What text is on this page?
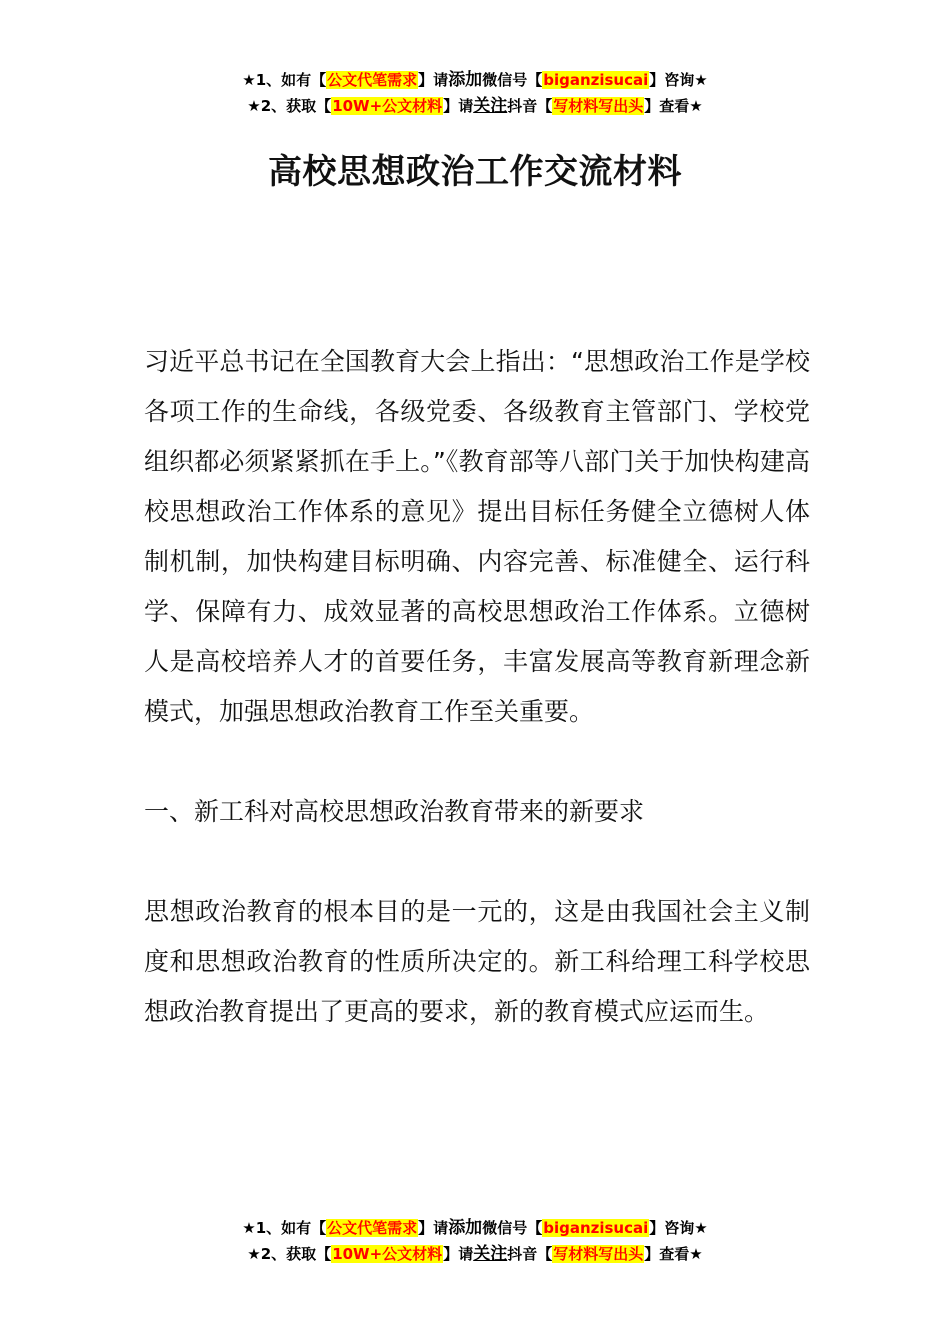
★1、如有【公文代笔需求】请添加微信号【biganzisucai】咨询★
★2、获取【10W+公文材料】请关注抖音【写材料写出头】查看★
高校思想政治工作交流材料

习近平总书记在全国教育大会上指出：“思想政治工作是学校各项工作的生命线，各级党委、各级教育主管部门、学校党组织都必须紧紧抓在手上。”《教育部等八部门关于加快构建高校思想政治工作体系的意见》提出目标任务健全立德树人体制机制，加快构建目标明确、内容完善、标准健全、运行科学、保障有力、成效显著的高校思想政治工作体系。立德树人是高校培养人才的首要任务，丰富发展高等教育新理念新模式，加强思想政治教育工作至关重要。

一、新工科对高校思想政治教育带来的新要求

思想政治教育的根本目的是一元的，这是由我国社会主义制度和思想政治教育的性质所决定的。新工科给理工科学校思想政治教育提出了更高的要求，新的教育模式应运而生。

★1、如有【公文代笔需求】请添加微信号【biganzisucai】咨询★
★2、获取【10W+公文材料】请关注抖音【写材料写出头】查看★
